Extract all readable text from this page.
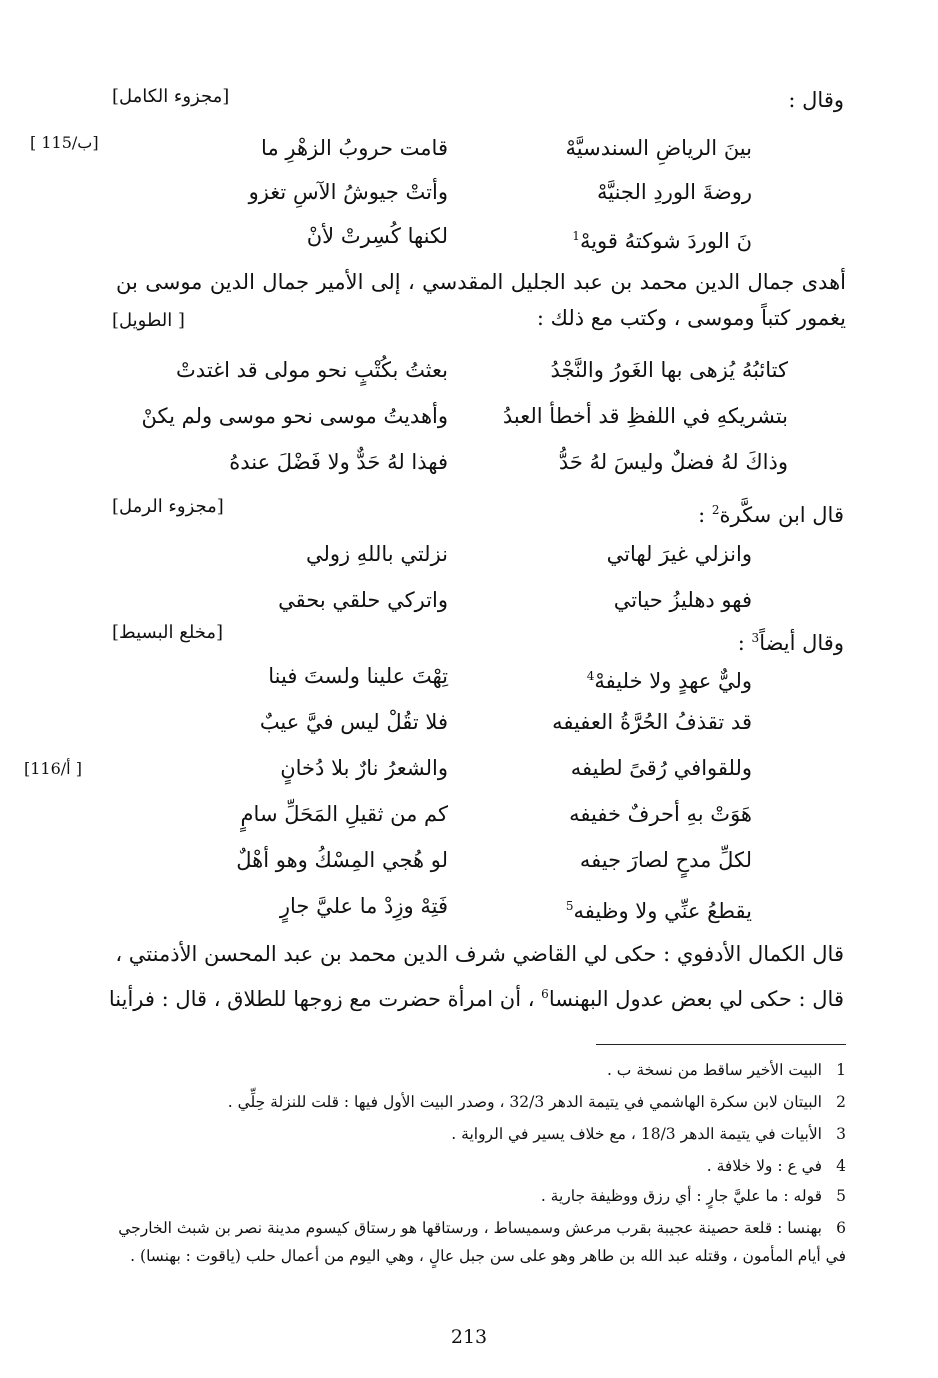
وقال :
[مجزوء الكامل]
[ 115/ب]	قامت حروبُ الزهْرِ ما	بينَ الرياضِ السندسيَّهْ
وأتتْ جيوشُ الآسِ تغزو	روضةَ الوردِ الجنيَّهْ
لكنها كُسِرتْ لأنْ	نَ الوردَ شوكتهُ قويهْ$^1$
أهدى جمال الدين محمد بن عبد الجليل المقدسي ، إلى الأمير جمال الدين موسى بن يغمور كتباً وموسى ، وكتب مع ذلك :
[ الطويل]
بعثتُ بكُتْبٍ نحو مولى قد اغتدتْ	كتائبُهُ يُزهى بها الغَورُ والنَّجْدُ
وأهديتُ موسى نحو موسى ولم يكنْ	بتشريكهِ في اللفظِ قد أخطأ العبدُ
فهذا لهُ حَدٌّ ولا فَضْلَ عندهُ	وذاكَ لهُ فضلٌ وليسَ لهُ حَدُّ
قال ابن سكَّرة$^2$ :
[مجزوء الرمل]
نزلتي باللهِ زولي	وانزلي غيرَ لهاتي
واتركي حلقي بحقي	فهو دهليزُ حياتي
وقال أيضاً$^3$ :
[مخلع البسيط]
[116/أ ]
تِهْتَ علينا ولستَ فينا	وليٌّ عهدٍ ولا خليفهْ$^4$
فلا تقُلْ ليس فيَّ عيبٌ	قد تقذفُ الحُرَّةُ العفيفه
والشعرُ نارٌ بلا دُخانٍ	وللقوافي رُقىً لطيفه
كم من ثقيلِ المَحَلِّ سامٍ	هَوَتْ بهِ أحرفٌ خفيفه
لو هُجي المِسْكُ وهو أهْلٌ	لكلِّ مدحٍ لصارَ جيفه
فَتِهْ وزِدْ ما عليَّ جارٍ	يقطعُ عنِّي ولا وظيفه$^5$
قال الكمال الأدفوي : حكى لي القاضي شرف الدين محمد بن عبد المحسن الأذمنتي ،
قال : حكى لي بعض عدول البهنسا$^6$ ، أن امرأة حضرت مع زوجها للطلاق ، قال : فرأينا
1البيت الأخير ساقط من نسخة ب .
2البيتان لابن سكرة الهاشمي في يتيمة الدهر 32/3 ، وصدر البيت الأول فيها : قلت للنزلة حِلِّي .
3الأبيات في يتيمة الدهر 18/3 ، مع خلاف يسير في الرواية .
4في ع : ولا خلافة .
5قوله : ما عليَّ جارٍ : أي رزق ووظيفة جارية .
6بهنسا : قلعة حصينة عجيبة بقرب مرعش وسميساط ، ورستاقها هو رستاق كيسوم مدينة نصر بن شبث الخارجي في أيام المأمون ، وقتله عبد الله بن طاهر وهو على سن جبل عالٍ ، وهي اليوم من أعمال حلب (ياقوت : بهنسا) .
213
